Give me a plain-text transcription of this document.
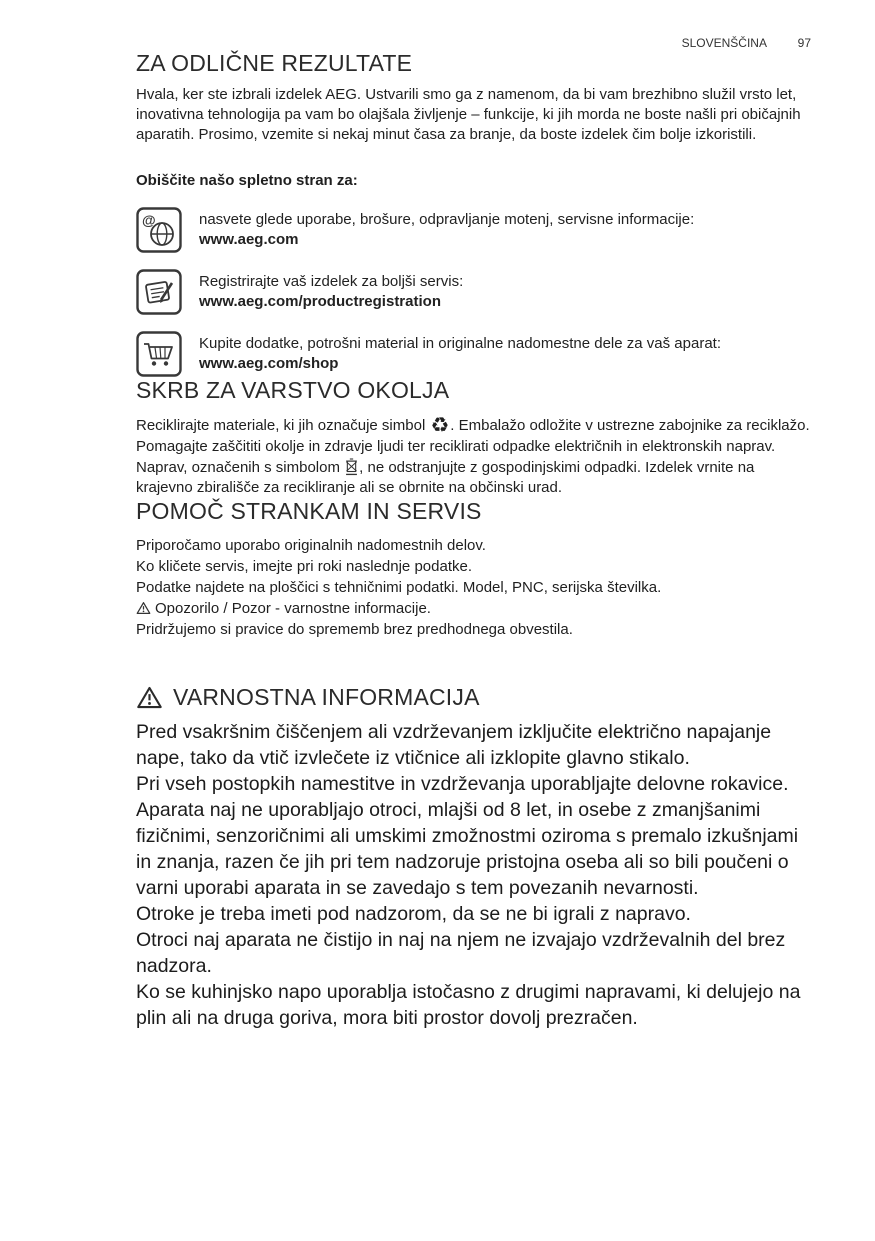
SLOVENŠČINA	97
ZA ODLIČNE REZULTATE

Hvala, ker ste izbrali izdelek AEG. Ustvarili smo ga z namenom, da bi vam brezhibno služil vrsto let, inovativna tehnologija pa vam bo olajšala življenje – funkcije, ki jih morda ne boste našli pri običajnih aparatih. Prosimo, vzemite si nekaj minut časa za branje, da boste izdelek čim bolje izkoristili.

Obiščite našo spletno stran za:

@	nasvete glede uporabe, brošure, odpravljanje motenj, servisne informacije:
www.aeg.com
Registrirajte vaš izdelek za boljši servis:
www.aeg.com/productregistration
Kupite dodatke, potrošni material in originalne nadomestne dele za vaš aparat:
www.aeg.com/shop
SKRB ZA VARSTVO OKOLJA

Reciklirajte materiale, ki jih označuje simbol ♻. Embalažo odložite v ustrezne zabojnike za reciklažo.

Pomagajte zaščititi okolje in zdravje ljudi ter reciklirati odpadke električnih in elektronskih naprav. Naprav, označenih s simbolom , ne odstranjujte z gospodinjskimi odpadki. Izdelek vrnite na krajevno zbirališče za recikliranje ali se obrnite na občinski urad.

POMOČ STRANKAM IN SERVIS

Priporočamo uporabo originalnih nadomestnih delov.

Ko kličete servis, imejte pri roki naslednje podatke.

Podatke najdete na ploščici s tehničnimi podatki. Model, PNC, serijska številka.

Opozorilo / Pozor - varnostne informacije.

Pridržujemo si pravice do sprememb brez predhodnega obvestila.

VARNOSTNA INFORMACIJA

Pred vsakršnim čiščenjem ali vzdrževanjem izključite električno napajanje nape, tako da vtič izvlečete iz vtičnice ali izklopite glavno stikalo.

Pri vseh postopkih namestitve in vzdrževanja uporabljajte delovne rokavice.

Aparata naj ne uporabljajo otroci, mlajši od 8 let, in osebe z zmanjšanimi fizičnimi, senzoričnimi ali umskimi zmožnostmi oziroma s premalo izkušnjami in znanja, razen če jih pri tem nadzoruje pristojna oseba ali so bili poučeni o varni uporabi aparata in se zavedajo s tem povezanih nevarnosti.

Otroke je treba imeti pod nadzorom, da se ne bi igrali z napravo.

Otroci naj aparata ne čistijo in naj na njem ne izvajajo vzdrževalnih del brez nadzora.

Ko se kuhinjsko napo uporablja istočasno z drugimi napravami, ki delujejo na plin ali na druga goriva, mora biti prostor dovolj prezračen.
